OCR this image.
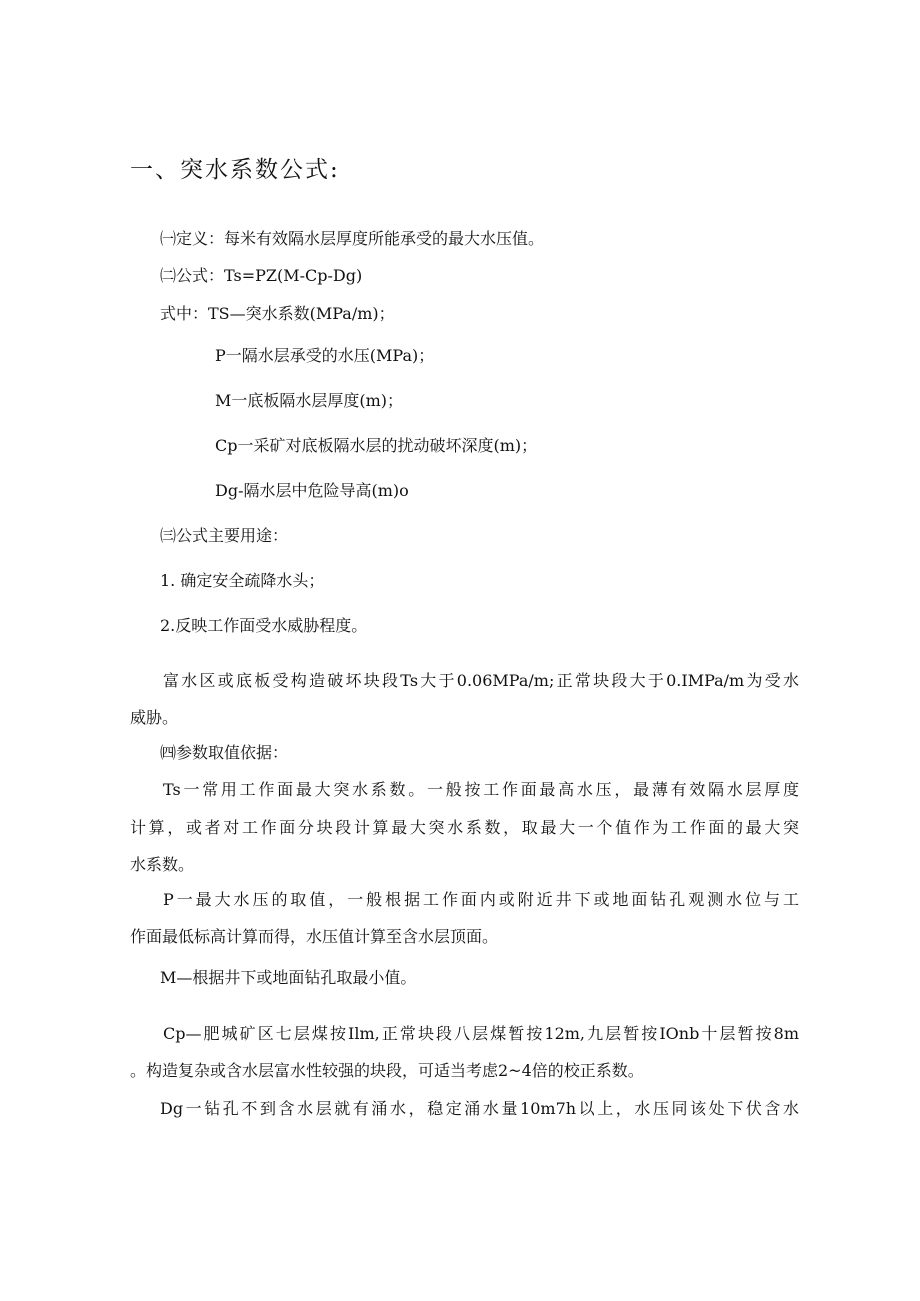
一、突水系数公式:
㈠定义：每米有效隔水层厚度所能承受的最大水压值。
㈡公式：Ts=PZ(M-Cp-Dg)
式中：TS—突水系数(MPa/m)；
P一隔水层承受的水压(MPa)；
M一底板隔水层厚度(m)；
Cp一采矿对底板隔水层的扰动破坏深度(m)；
Dg-隔水层中危险导高(m)o
㈢公式主要用途：
1. 确定安全疏降水头；
2.反映工作面受水威胁程度。
富水区或底板受构造破坏块段Ts大于0.06MPa∕m;正常块段大于0.IMPa/m为受水
威胁。
㈣参数取值依据：
Ts一常用工作面最大突水系数。一般按工作面最高水压，最薄有效隔水层厚度
计算，或者对工作面分块段计算最大突水系数，取最大一个值作为工作面的最大突
水系数。
P一最大水压的取值，一般根据工作面内或附近井下或地面钻孔观测水位与工
作面最低标高计算而得，水压值计算至含水层顶面。
M—根据井下或地面钻孔取最小值。
Cp—肥城矿区七层煤按Ilm,正常块段八层煤暂按12m,九层暂按IOnb十层暂按8m
。构造复杂或含水层富水性较强的块段，可适当考虑2~4倍的校正系数。
Dg一钻孔不到含水层就有涌水，稳定涌水量10m7h以上，水压同该处下伏含水
